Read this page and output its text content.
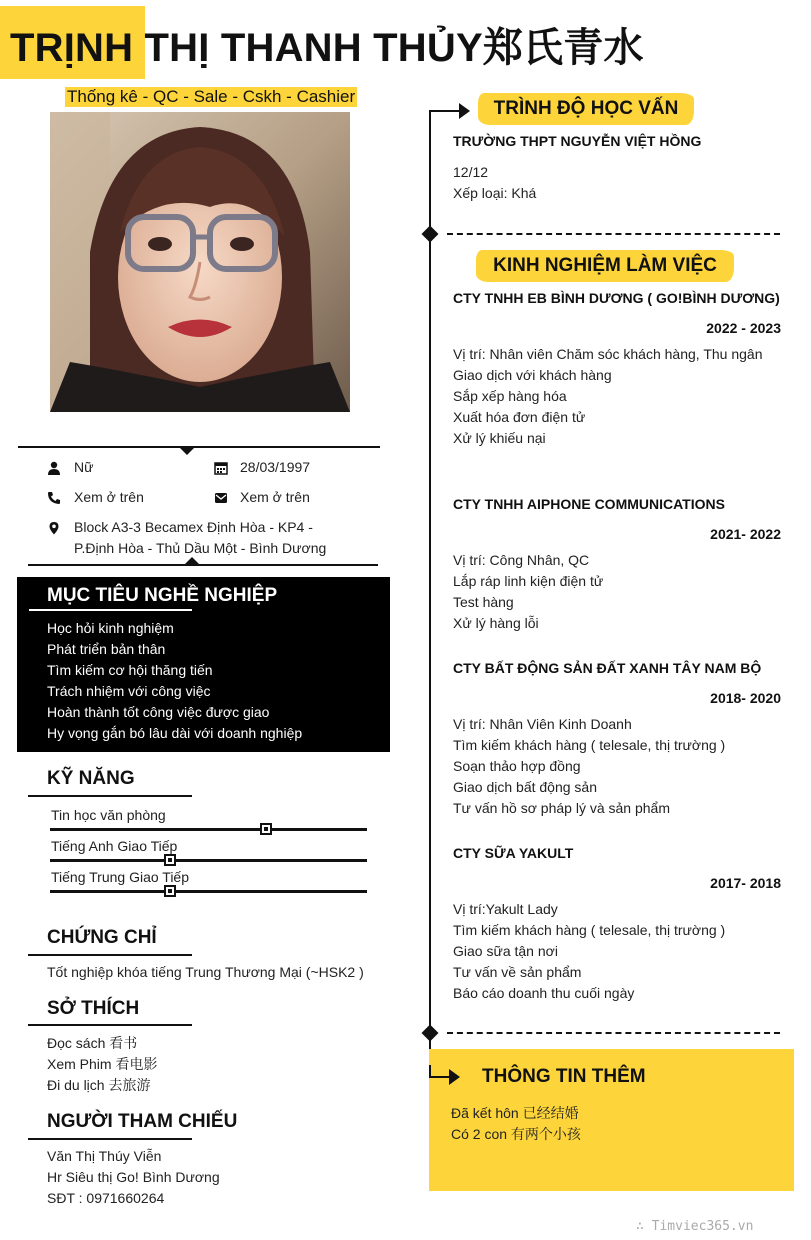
TRỊNH THỊ THANH THỦY郑氏青水
Thống kê - QC - Sale - Cskh - Cashier
Nữ	28/03/1997
Xem ở trên	Xem ở trên
Block A3-3 Becamex Định Hòa - KP4 -
P.Định Hòa - Thủ Dầu Một - Bình Dương
MỤC TIÊU NGHỀ NGHIỆP
Học hỏi kinh nghiệm
Phát triển bản thân
Tìm kiếm cơ hội thăng tiến
Trách nhiệm với công việc
Hoàn thành tốt công việc được giao
Hy vọng gắn bó lâu dài với doanh nghiệp
KỸ NĂNG
Tin học văn phòng
Tiếng Anh Giao Tiếp
Tiếng Trung Giao Tiếp
CHỨNG CHỈ
Tốt nghiệp khóa tiếng Trung Thương Mại (~HSK2 )
SỞ THÍCH
Đọc sách 看书
Xem Phim 看电影
Đi du lịch 去旅游
NGƯỜI THAM CHIẾU
Văn Thị Thúy Viễn
Hr Siêu thị Go! Bình Dương
SĐT : 0971660264
TRÌNH ĐỘ HỌC VẤN
TRƯỜNG THPT NGUYỄN VIỆT HỒNG
12/12
Xếp loại: Khá
KINH NGHIỆM LÀM VIỆC
CTY TNHH EB BÌNH DƯƠNG ( GO!BÌNH DƯƠNG)
2022 - 2023
Vị trí: Nhân viên Chăm sóc khách hàng, Thu ngân
Giao dịch với khách hàng
Sắp xếp hàng hóa
Xuất hóa đơn điện tử
Xử lý khiếu nại
CTY TNHH AIPHONE COMMUNICATIONS
2021- 2022
Vị trí: Công Nhân, QC
Lắp ráp linh kiện điện tử
Test hàng
Xử lý hàng lỗi
CTY BẤT ĐỘNG SẢN ĐẤT XANH TÂY NAM BỘ
2018- 2020
Vị trí: Nhân Viên Kinh Doanh
Tìm kiếm khách hàng ( telesale, thị trường )
Soạn thảo hợp đồng
Giao dịch bất động sản
Tư vấn hồ sơ pháp lý và sản phẩm
CTY SỮA YAKULT
2017- 2018
Vị trí:Yakult Lady
Tìm kiếm khách hàng ( telesale, thị trường )
Giao sữa tận nơi
Tư vấn về sản phẩm
Báo cáo doanh thu cuối ngày
THÔNG TIN THÊM
Đã kết hôn 已经结婚
Có 2 con 有两个小孩
∴ Timviec365.vn
